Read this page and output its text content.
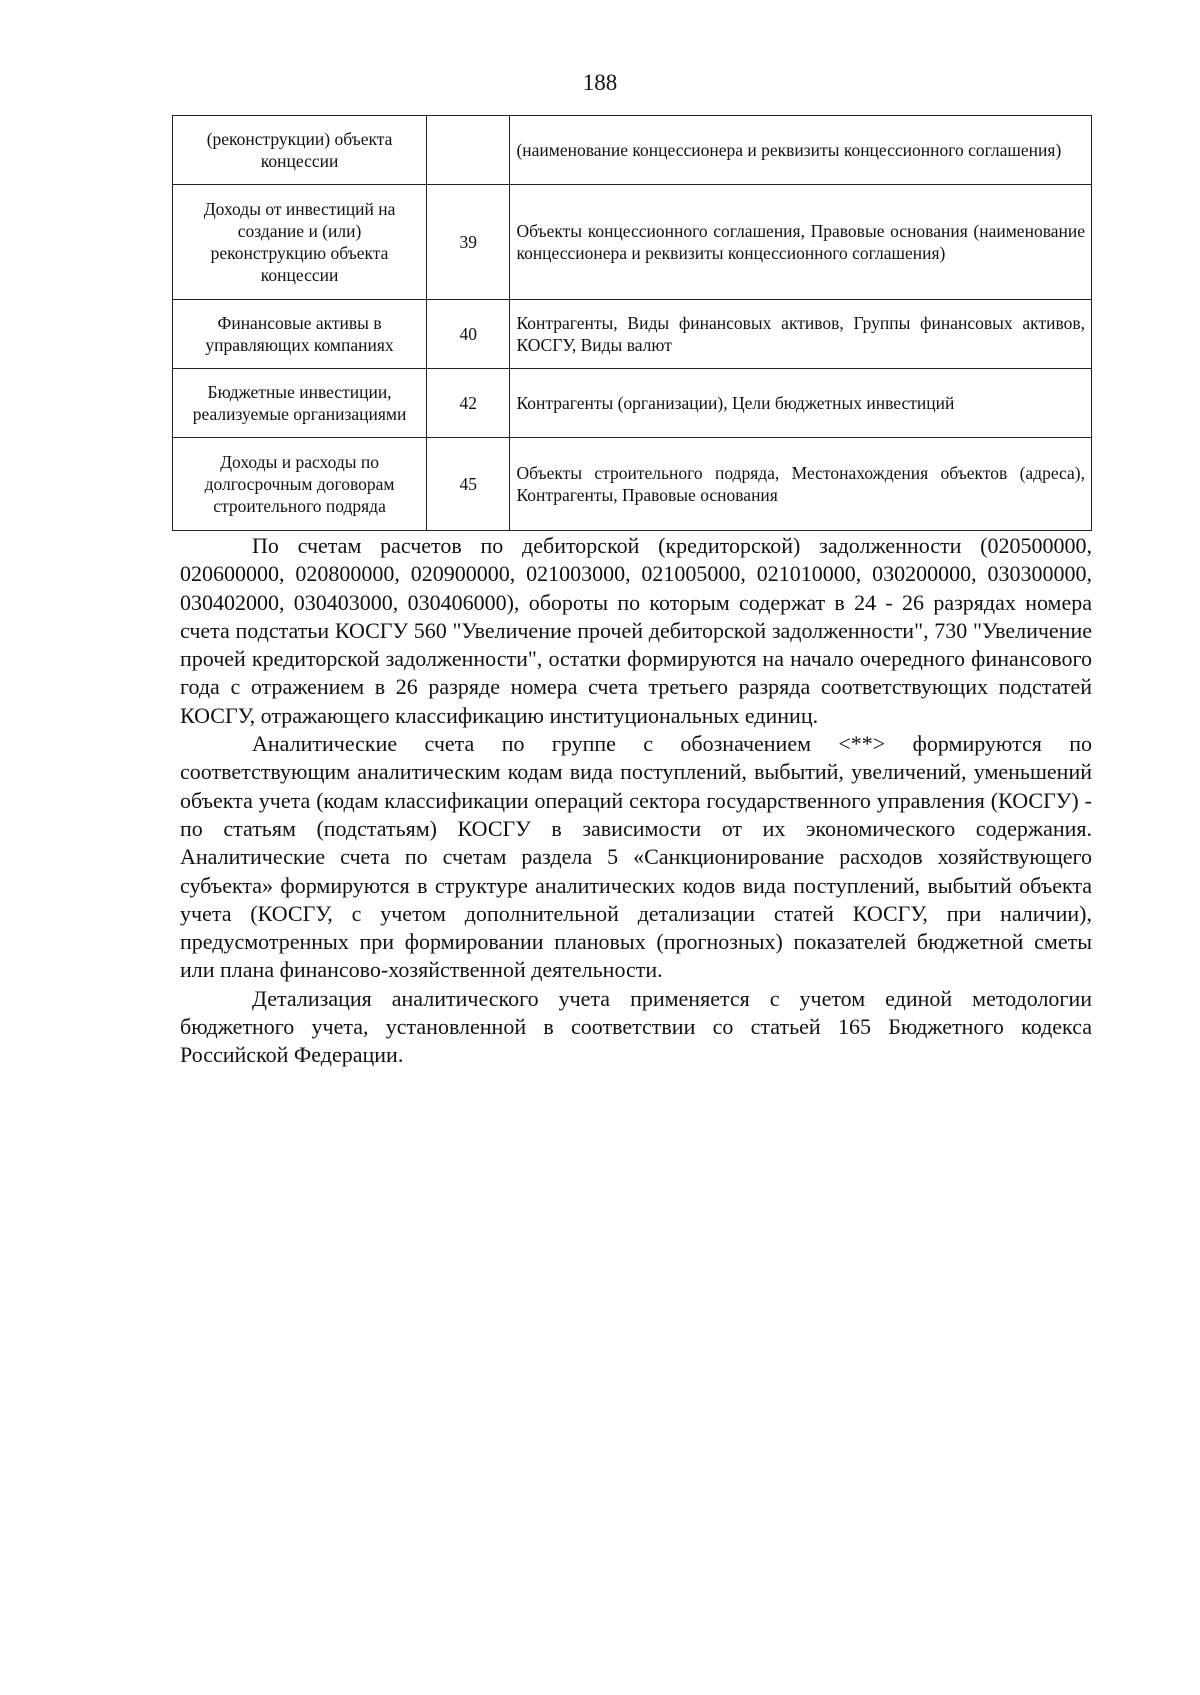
188
(реконструкции) объекта концессии		(наименование концессионера и реквизиты концессионного соглашения)
Доходы от инвестиций на создание и (или) реконструкцию объекта концессии	39	Объекты концессионного соглашения, Правовые основания (наименование концессионера и реквизиты концессионного соглашения)
Финансовые активы в управляющих компаниях	40	Контрагенты, Виды финансовых активов, Группы финансовых активов, КОСГУ, Виды валют
Бюджетные инвестиции, реализуемые организациями	42	Контрагенты (организации), Цели бюджетных инвестиций
Доходы и расходы по долгосрочным договорам строительного подряда	45	Объекты строительного подряда, Местонахождения объектов (адреса), Контрагенты, Правовые основания

По счетам расчетов по дебиторской (кредиторской) задолженности (020500000, 020600000, 020800000, 020900000, 021003000, 021005000, 021010000, 030200000, 030300000, 030402000, 030403000, 030406000), обороты по которым содержат в 24 - 26 разрядах номера счета подстатьи КОСГУ 560 "Увеличение прочей дебиторской задолженности", 730 "Увеличение прочей кредиторской задолженности", остатки формируются на начало очередного финансового года с отражением в 26 разряде номера счета третьего разряда соответствующих подстатей КОСГУ, отражающего классификацию институциональных единиц.

Аналитические счета по группе с обозначением <**> формируются по соответствующим аналитическим кодам вида поступлений, выбытий, увеличений, уменьшений объекта учета (кодам классификации операций сектора государственного управления (КОСГУ) - по статьям (подстатьям) КОСГУ в зависимости от их экономического содержания. Аналитические счета по счетам раздела 5 «Санкционирование расходов хозяйствующего субъекта» формируются в структуре аналитических кодов вида поступлений, выбытий объекта учета (КОСГУ, с учетом дополнительной детализации статей КОСГУ, при наличии), предусмотренных при формировании плановых (прогнозных) показателей бюджетной сметы или плана финансово-хозяйственной деятельности.

Детализация аналитического учета применяется с учетом единой методологии бюджетного учета, установленной в соответствии со статьей 165 Бюджетного кодекса Российской Федерации.
